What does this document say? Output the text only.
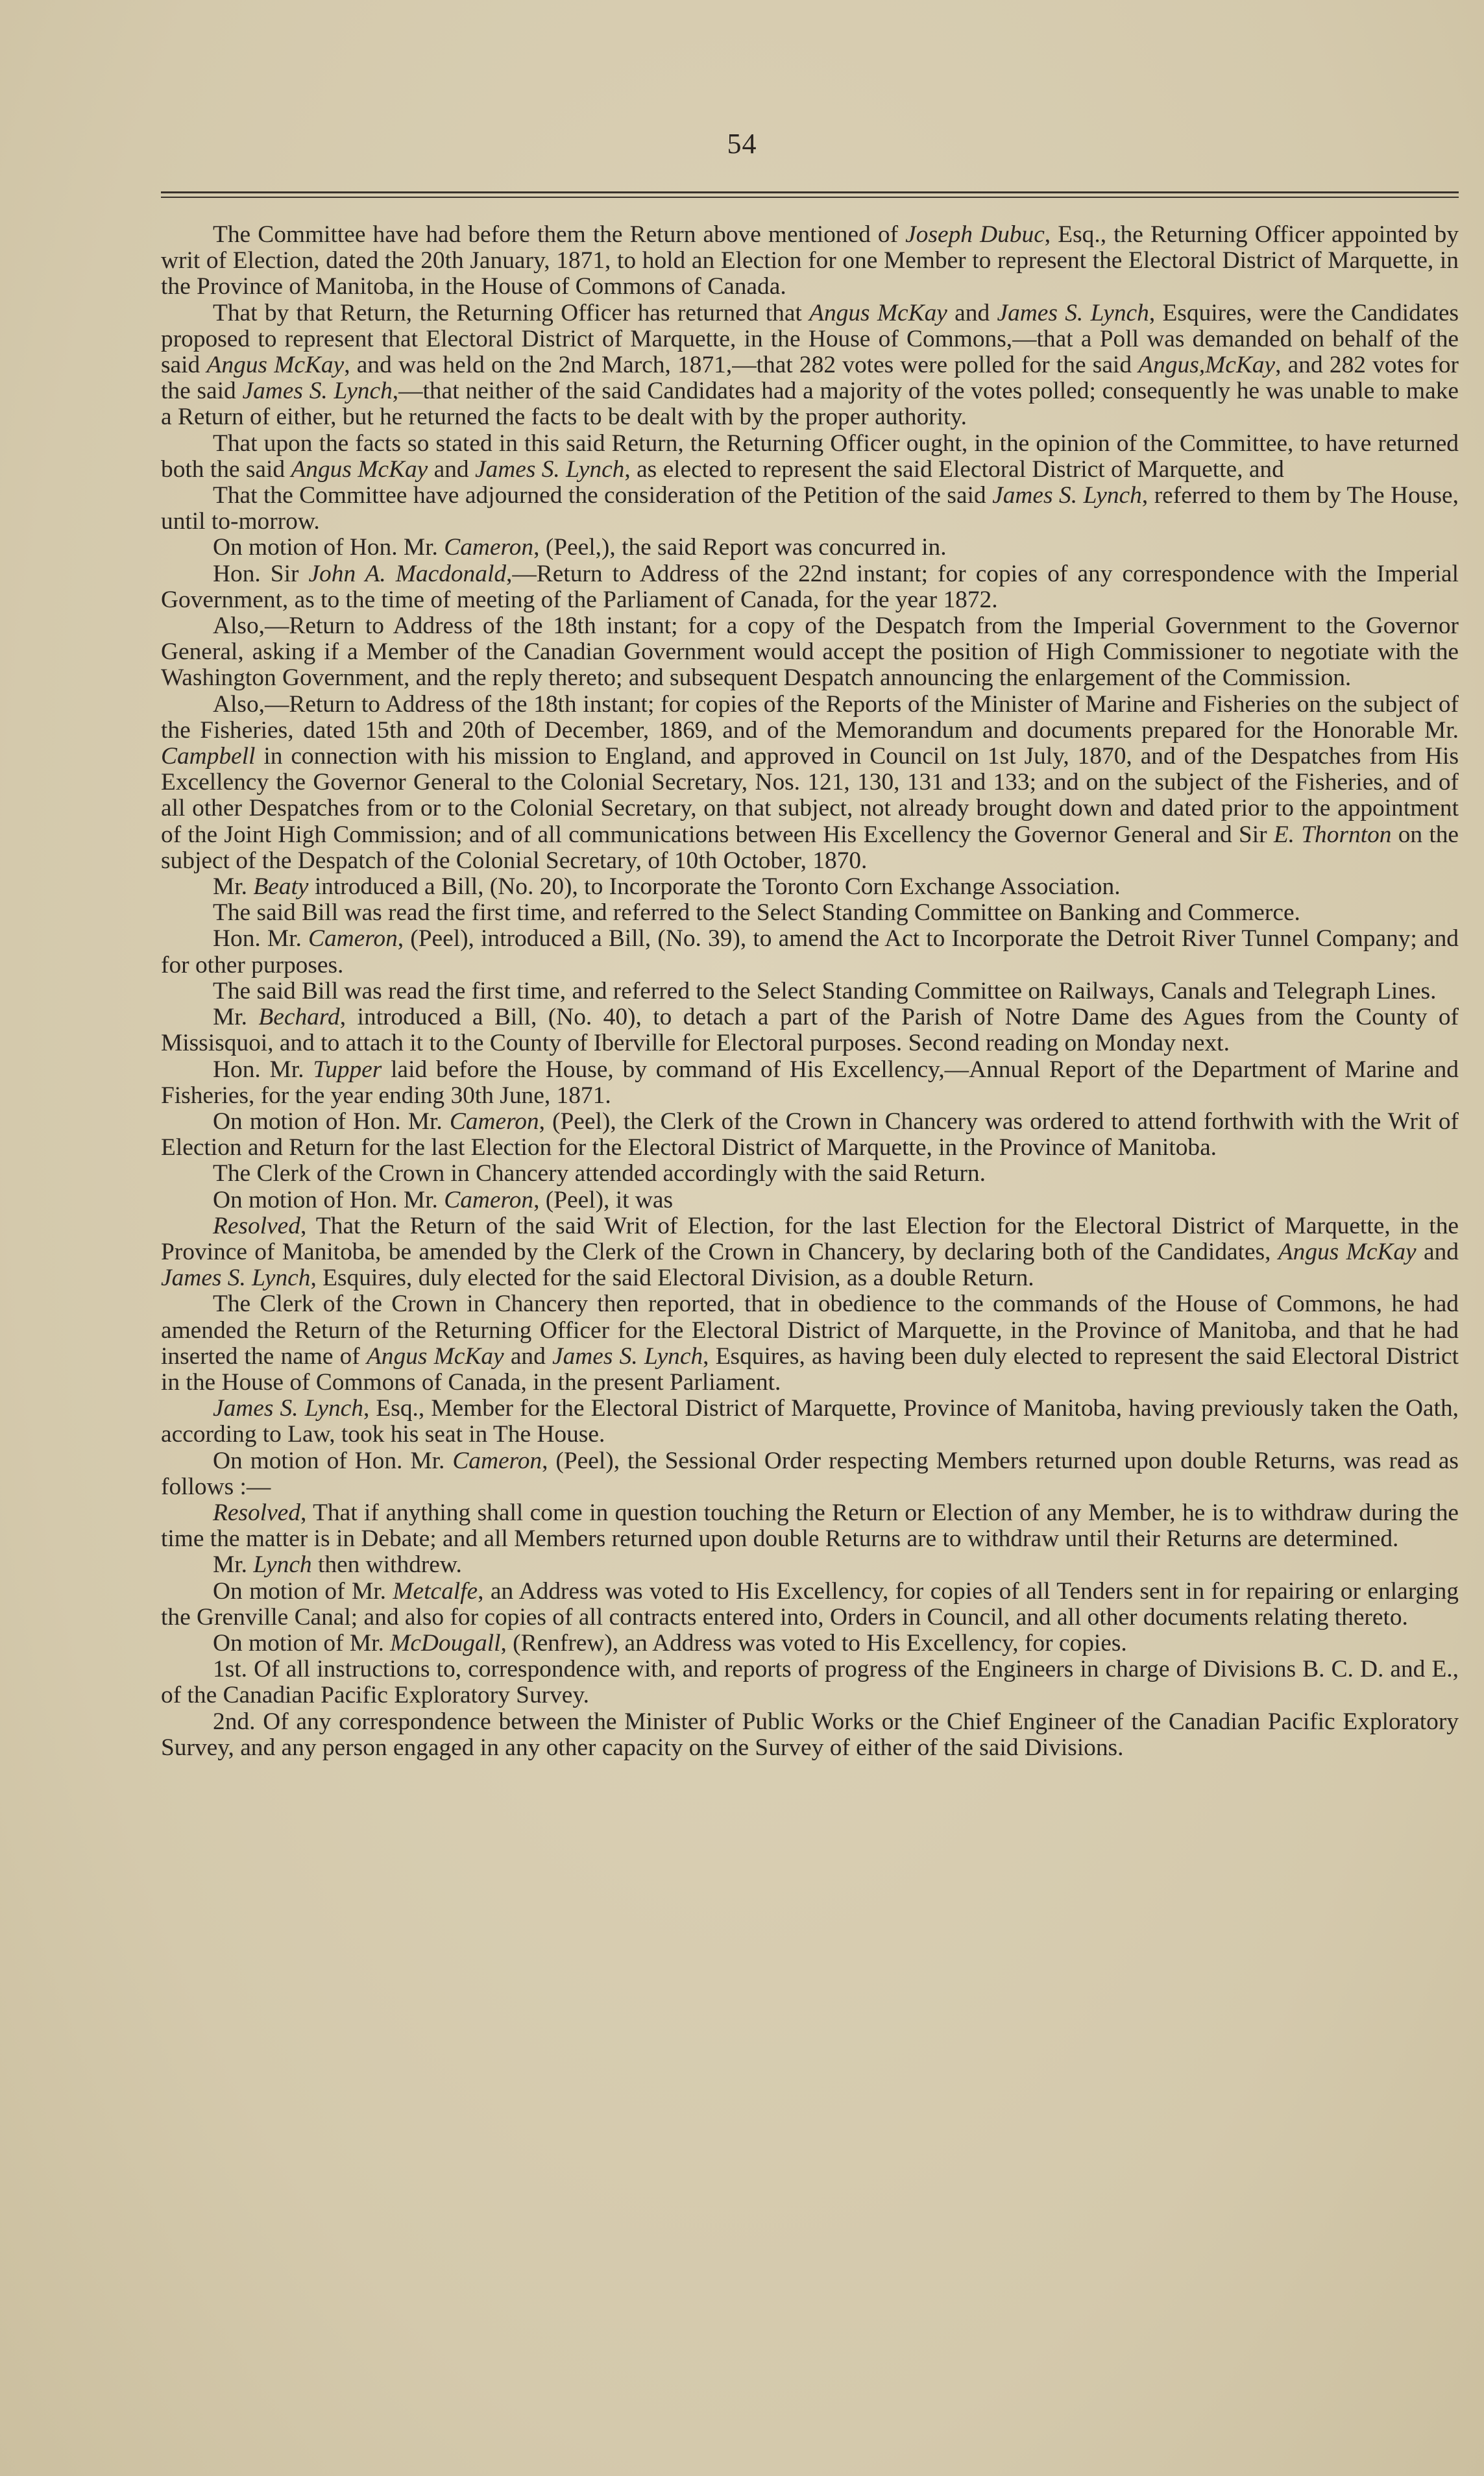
54

The Committee have had before them the Return above mentioned of Joseph Dubuc, Esq., the Returning Officer appointed by writ of Election, dated the 20th January, 1871, to hold an Election for one Member to represent the Electoral District of Marquette, in the Province of Manitoba, in the House of Commons of Canada.

That by that Return, the Returning Officer has returned that Angus McKay and James S. Lynch, Esquires, were the Candidates proposed to represent that Electoral District of Marquette, in the House of Commons,—that a Poll was demanded on behalf of the said Angus McKay, and was held on the 2nd March, 1871,—that 282 votes were polled for the said Angus,McKay, and 282 votes for the said James S. Lynch,—that neither of the said Candidates had a majority of the votes polled; consequently he was unable to make a Return of either, but he returned the facts to be dealt with by the proper authority.

That upon the facts so stated in this said Return, the Returning Officer ought, in the opinion of the Committee, to have returned both the said Angus McKay and James S. Lynch, as elected to represent the said Electoral District of Marquette, and

That the Committee have adjourned the consideration of the Petition of the said James S. Lynch, referred to them by The House, until to-morrow.

On motion of Hon. Mr. Cameron, (Peel,), the said Report was concurred in.

Hon. Sir John A. Macdonald,—Return to Address of the 22nd instant; for copies of any correspondence with the Imperial Government, as to the time of meeting of the Parliament of Canada, for the year 1872.

Also,—Return to Address of the 18th instant; for a copy of the Despatch from the Imperial Government to the Governor General, asking if a Member of the Canadian Government would accept the position of High Commissioner to negotiate with the Washington Government, and the reply thereto; and subsequent Despatch announcing the enlargement of the Commission.

Also,—Return to Address of the 18th instant; for copies of the Reports of the Minister of Marine and Fisheries on the subject of the Fisheries, dated 15th and 20th of December, 1869, and of the Memorandum and documents prepared for the Honorable Mr. Campbell in connection with his mission to England, and approved in Council on 1st July, 1870, and of the Despatches from His Excellency the Governor General to the Colonial Secretary, Nos. 121, 130, 131 and 133; and on the subject of the Fisheries, and of all other Despatches from or to the Colonial Secretary, on that subject, not already brought down and dated prior to the appointment of the Joint High Commission; and of all communications between His Excellency the Governor General and Sir E. Thornton on the subject of the Despatch of the Colonial Secretary, of 10th October, 1870.

Mr. Beaty introduced a Bill, (No. 20), to Incorporate the Toronto Corn Exchange Association.

The said Bill was read the first time, and referred to the Select Standing Committee on Banking and Commerce.

Hon. Mr. Cameron, (Peel), introduced a Bill, (No. 39), to amend the Act to Incorporate the Detroit River Tunnel Company; and for other purposes.

The said Bill was read the first time, and referred to the Select Standing Committee on Railways, Canals and Telegraph Lines.

Mr. Bechard, introduced a Bill, (No. 40), to detach a part of the Parish of Notre Dame des Agues from the County of Missisquoi, and to attach it to the County of Iberville for Electoral purposes. Second reading on Monday next.

Hon. Mr. Tupper laid before the House, by command of His Excellency,—Annual Report of the Department of Marine and Fisheries, for the year ending 30th June, 1871.

On motion of Hon. Mr. Cameron, (Peel), the Clerk of the Crown in Chancery was ordered to attend forthwith with the Writ of Election and Return for the last Election for the Electoral District of Marquette, in the Province of Manitoba.

The Clerk of the Crown in Chancery attended accordingly with the said Return.

On motion of Hon. Mr. Cameron, (Peel), it was

Resolved, That the Return of the said Writ of Election, for the last Election for the Electoral District of Marquette, in the Province of Manitoba, be amended by the Clerk of the Crown in Chancery, by declaring both of the Candidates, Angus McKay and James S. Lynch, Esquires, duly elected for the said Electoral Division, as a double Return.

The Clerk of the Crown in Chancery then reported, that in obedience to the commands of the House of Commons, he had amended the Return of the Returning Officer for the Electoral District of Marquette, in the Province of Manitoba, and that he had inserted the name of Angus McKay and James S. Lynch, Esquires, as having been duly elected to represent the said Electoral District in the House of Commons of Canada, in the present Parliament.

James S. Lynch, Esq., Member for the Electoral District of Marquette, Province of Manitoba, having previously taken the Oath, according to Law, took his seat in The House.

On motion of Hon. Mr. Cameron, (Peel), the Sessional Order respecting Members returned upon double Returns, was read as follows :—

Resolved, That if anything shall come in question touching the Return or Election of any Member, he is to withdraw during the time the matter is in Debate; and all Members returned upon double Returns are to withdraw until their Returns are determined.

Mr. Lynch then withdrew.

On motion of Mr. Metcalfe, an Address was voted to His Excellency, for copies of all Tenders sent in for repairing or enlarging the Grenville Canal; and also for copies of all contracts entered into, Orders in Council, and all other documents relating thereto.

On motion of Mr. McDougall, (Renfrew), an Address was voted to His Excellency, for copies.

1st. Of all instructions to, correspondence with, and reports of progress of the Engineers in charge of Divisions B. C. D. and E., of the Canadian Pacific Exploratory Survey.

2nd. Of any correspondence between the Minister of Public Works or the Chief Engineer of the Canadian Pacific Exploratory Survey, and any person engaged in any other capacity on the Survey of either of the said Divisions.
